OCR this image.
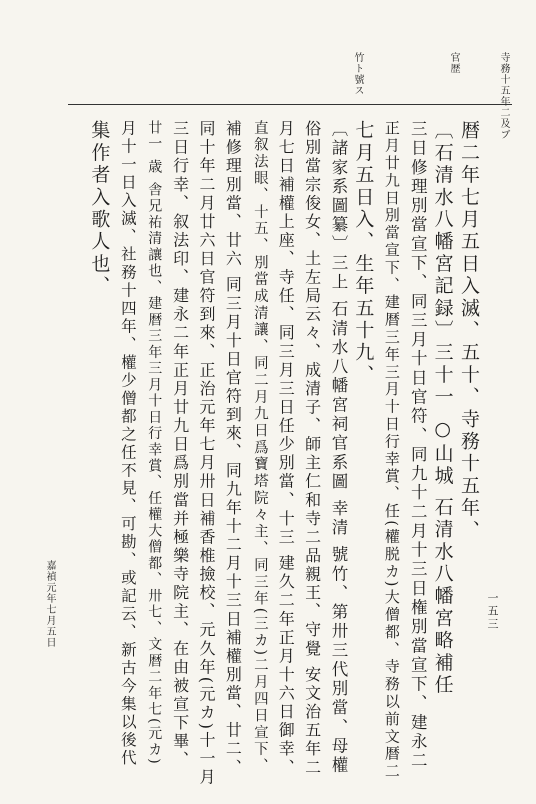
寺務十五年二及ブ
官歴
竹ト號ス
暦二年七月五日入滅、五十、寺務十五年、
〔石清水八幡宮記録〕三十一 ○山城 石清水八幡宮略補任
三日修理別當宣下、同三月十日官符、同九十二月十三日権別當宣下、建永二
正月廿九日別當宣下、建暦三年三月十日行幸賞、任(權脱カ)大僧都、寺務以前文暦二
七月五日入、生年五十九、
〔諸家系圖纂〕三上 石清水八幡宮祠官系圖 幸清 號竹、第卅三代別當、母權
俗別當宗俊女、土左局云々、成清子、師主仁和寺二品親王、守覺 安文治五年二
月七日補權上座、寺任、同三月三日任少別當、十三 建久二年正月十六日御幸、
直叙法眼、十五、別當成清讓、同二月九日爲寶塔院々主、同三年(三カ)二月四日宣下、
補修理別當、廿六 同三月十日官符到來、同九年十二月十三日補權別當、廿二、
同十年二月廿六日官符到來、正治元年七月卅日補香椎撿校、元久年(元カ)十一月
三日行幸、叙法印、建永二年正月廿九日爲別當并極樂寺院主、在由被宣下畢、
廿一 歳 舎兄祐清讓也、建暦三年三月十日行幸賞、任權大僧都、卅七、文暦二年七(元カ)
月十一日入滅、社務十四年、權少僧都之任不見、可勘、或記云、新古今集以後代
集作者入歌人也、
嘉禎元年七月五日	一五三
